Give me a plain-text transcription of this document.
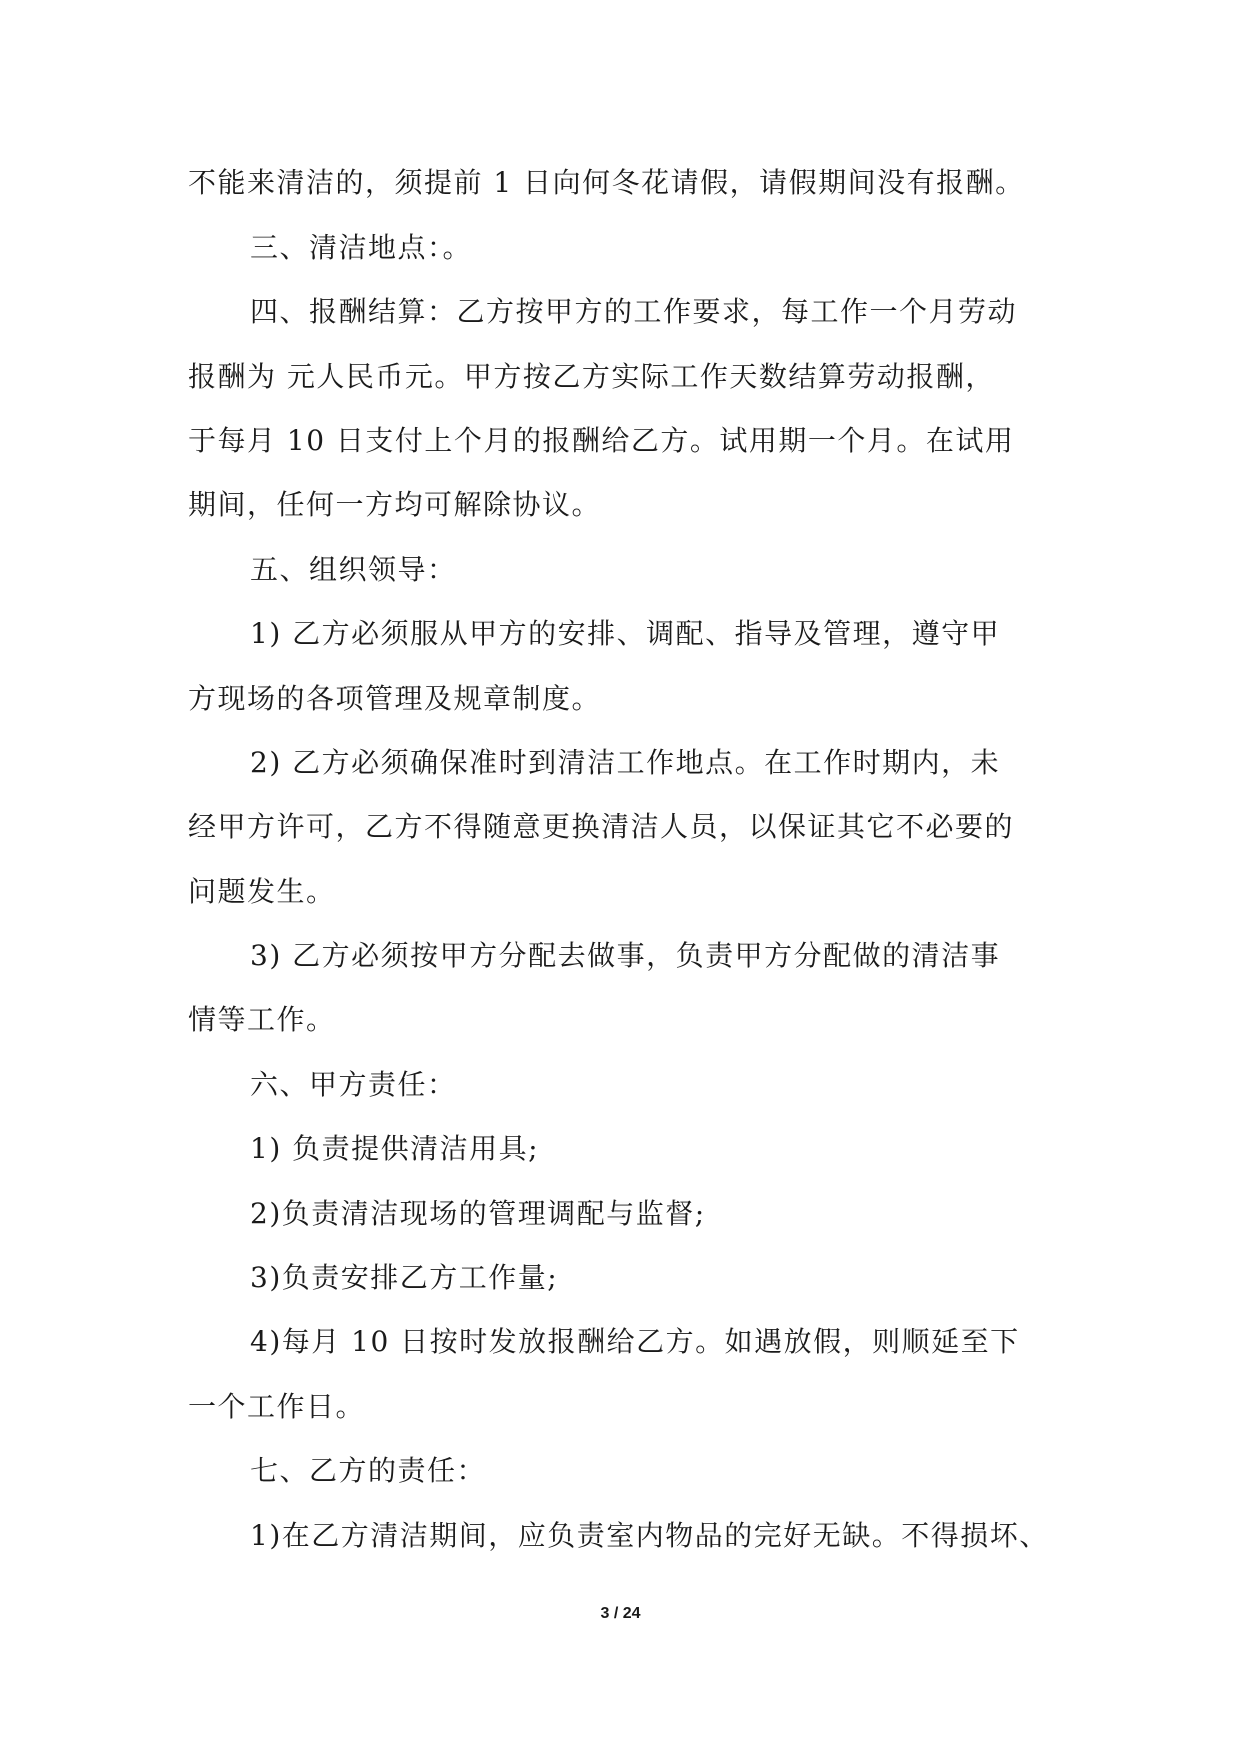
不能来清洁的，须提前 1 日向何冬花请假，请假期间没有报酬。
三、清洁地点：。
四、报酬结算：乙方按甲方的工作要求，每工作一个月劳动
报酬为 元人民币元。甲方按乙方实际工作天数结算劳动报酬，
于每月 10 日支付上个月的报酬给乙方。试用期一个月。在试用
期间，任何一方均可解除协议。
五、组织领导：
1) 乙方必须服从甲方的安排、调配、指导及管理，遵守甲
方现场的各项管理及规章制度。
2) 乙方必须确保准时到清洁工作地点。在工作时期内，未
经甲方许可，乙方不得随意更换清洁人员，以保证其它不必要的
问题发生。
3) 乙方必须按甲方分配去做事，负责甲方分配做的清洁事
情等工作。
六、甲方责任：
1) 负责提供清洁用具;
2)负责清洁现场的管理调配与监督;
3)负责安排乙方工作量;
4)每月 10 日按时发放报酬给乙方。如遇放假，则顺延至下
一个工作日。
七、乙方的责任：
1)在乙方清洁期间，应负责室内物品的完好无缺。不得损坏、
3 / 24
